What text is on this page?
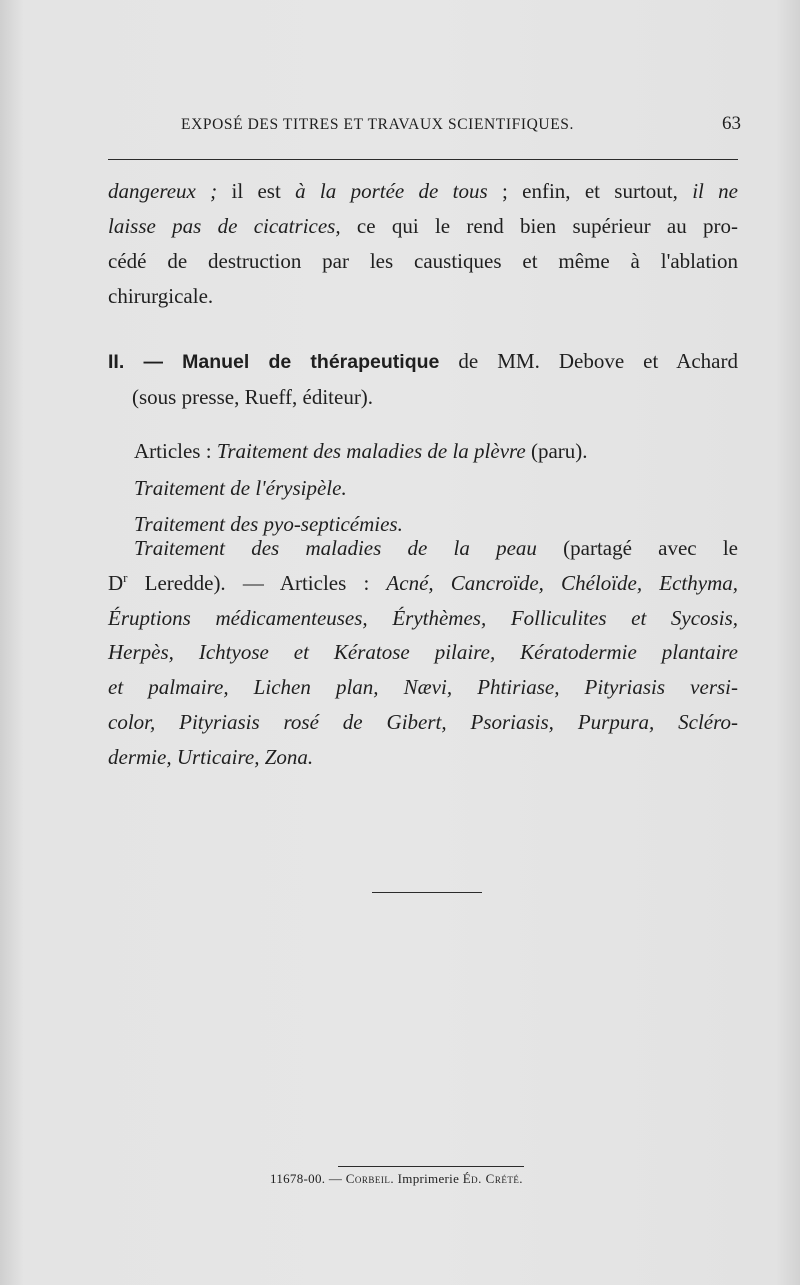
EXPOSÉ DES TITRES ET TRAVAUX SCIENTIFIQUES.	63
dangereux ; il est à la portée de tous ; enfin, et surtout, il ne
laisse pas de cicatrices, ce qui le rend bien supérieur au pro-
cédé de destruction par les caustiques et même à l'ablation
chirurgicale.
II. — Manuel de thérapeutique de MM. Debove et Achard
(sous presse, Rueff, éditeur).
Articles : Traitement des maladies de la plèvre (paru).
Traitement de l'érysipèle.
Traitement des pyo-septicémies.
Traitement des maladies de la peau (partagé avec le
$D^r$ Leredde). — Articles : Acné, Cancroïde, Chéloïde, Ecthyma,
Éruptions médicamenteuses, Érythèmes, Folliculites et Sycosis,
Herpès, Ichtyose et Kératose pilaire, Kératodermie plantaire
et palmaire, Lichen plan, Nævi, Phtiriase, Pityriasis versi-
color, Pityriasis rosé de Gibert, Psoriasis, Purpura, Scléro-
dermie, Urticaire, Zona.
11678-00. — Corbeil. Imprimerie Éd. Crété.
